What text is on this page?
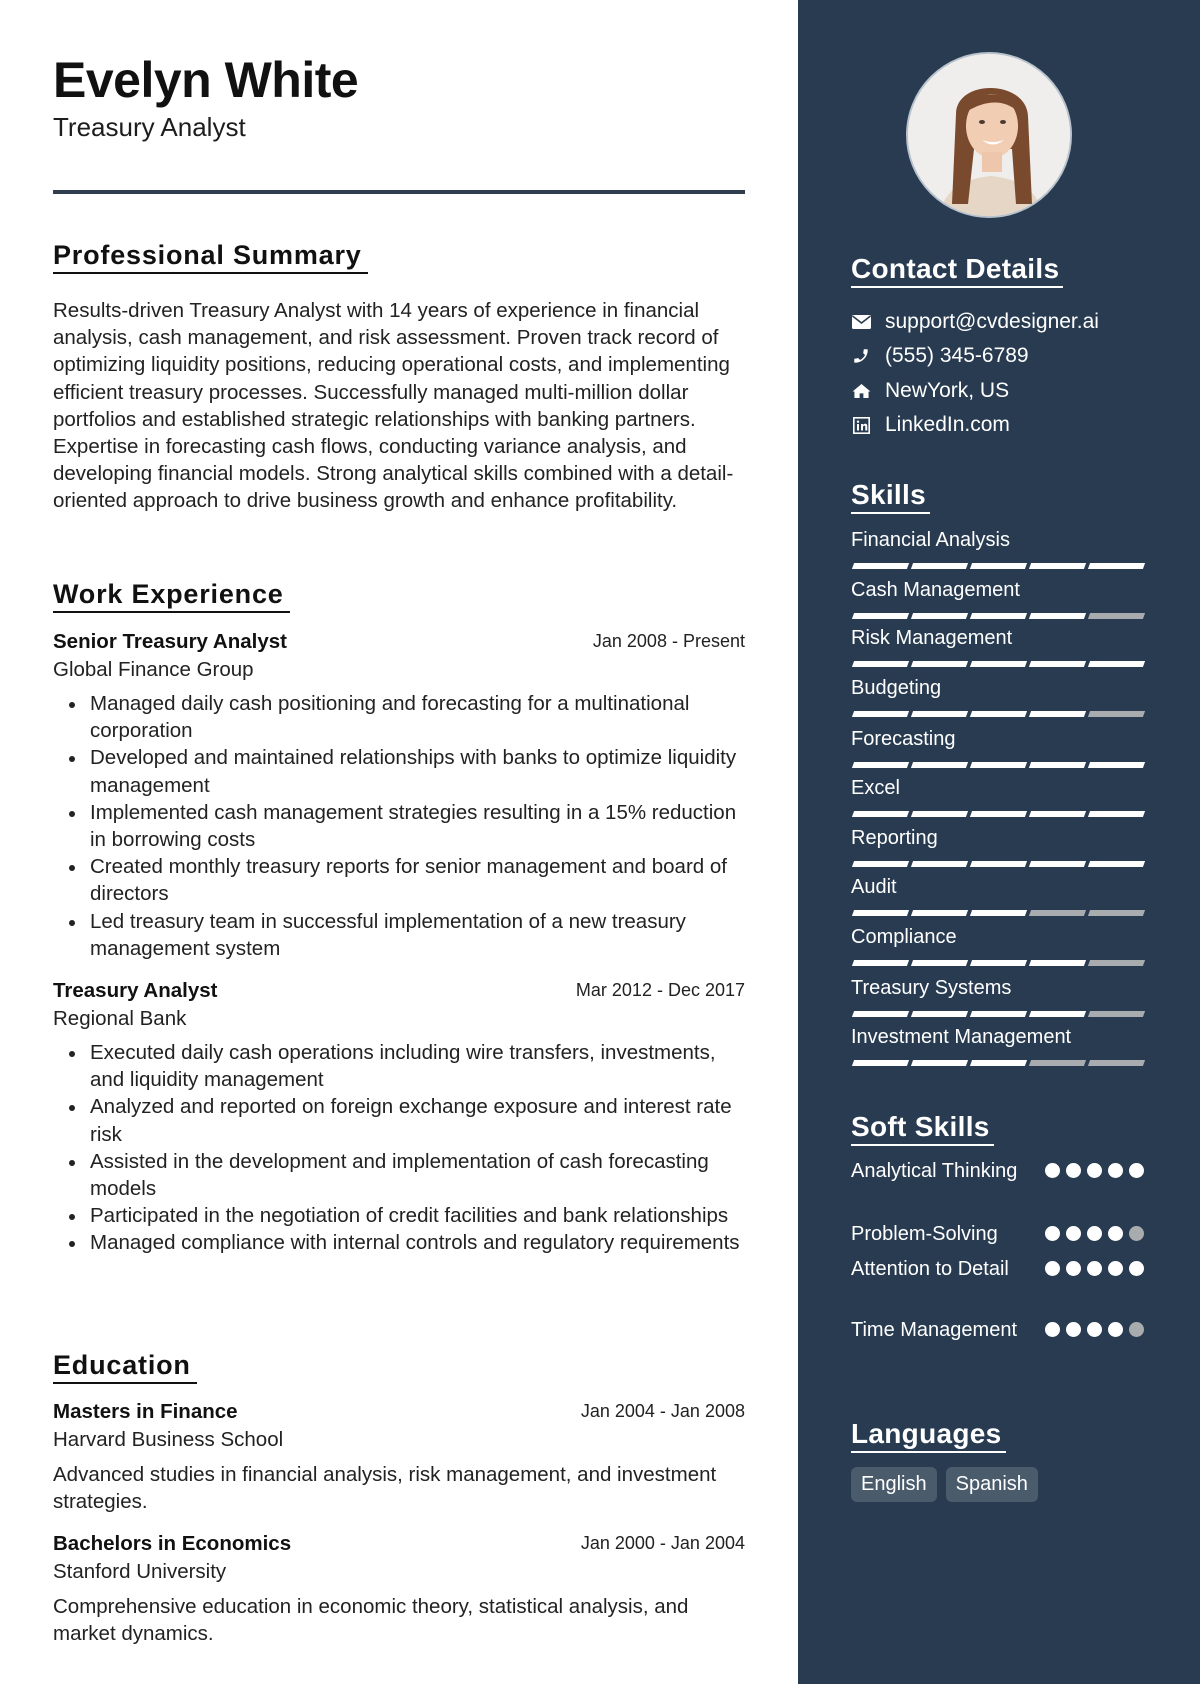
Evelyn White
Treasury Analyst
Professional Summary

Results-driven Treasury Analyst with 14 years of experience in financial analysis, cash management, and risk assessment. Proven track record of optimizing liquidity positions, reducing operational costs, and implementing efficient treasury processes. Successfully managed multi-million dollar portfolios and established strategic relationships with banking partners. Expertise in forecasting cash flows, conducting variance analysis, and developing financial models. Strong analytical skills combined with a detail-oriented approach to drive business growth and enhance profitability.

Work Experience
Senior Treasury Analyst
Global Finance Group
Jan 2008 - Present
Managed daily cash positioning and forecasting for a multinational corporation
Developed and maintained relationships with banks to optimize liquidity management
Implemented cash management strategies resulting in a 15% reduction in borrowing costs
Created monthly treasury reports for senior management and board of directors
Led treasury team in successful implementation of a new treasury management system
Treasury Analyst
Regional Bank
Mar 2012 - Dec 2017
Executed daily cash operations including wire transfers, investments, and liquidity management
Analyzed and reported on foreign exchange exposure and interest rate risk
Assisted in the development and implementation of cash forecasting models
Participated in the negotiation of credit facilities and bank relationships
Managed compliance with internal controls and regulatory requirements
Education
Masters in Finance
Harvard Business School
Jan 2004 - Jan 2008

Advanced studies in financial analysis, risk management, and investment strategies.

Bachelors in Economics
Stanford University
Jan 2000 - Jan 2004

Comprehensive education in economic theory, statistical analysis, and market dynamics.

Contact Details
support@cvdesigner.ai
(555) 345-6789
NewYork, US
LinkedIn.com
Skills
Financial Analysis
Cash Management
Risk Management
Budgeting
Forecasting
Excel
Reporting
Audit
Compliance
Treasury Systems
Investment Management
Soft Skills
Analytical Thinking
Problem-Solving
Attention to Detail
Time Management
Languages
English	Spanish
